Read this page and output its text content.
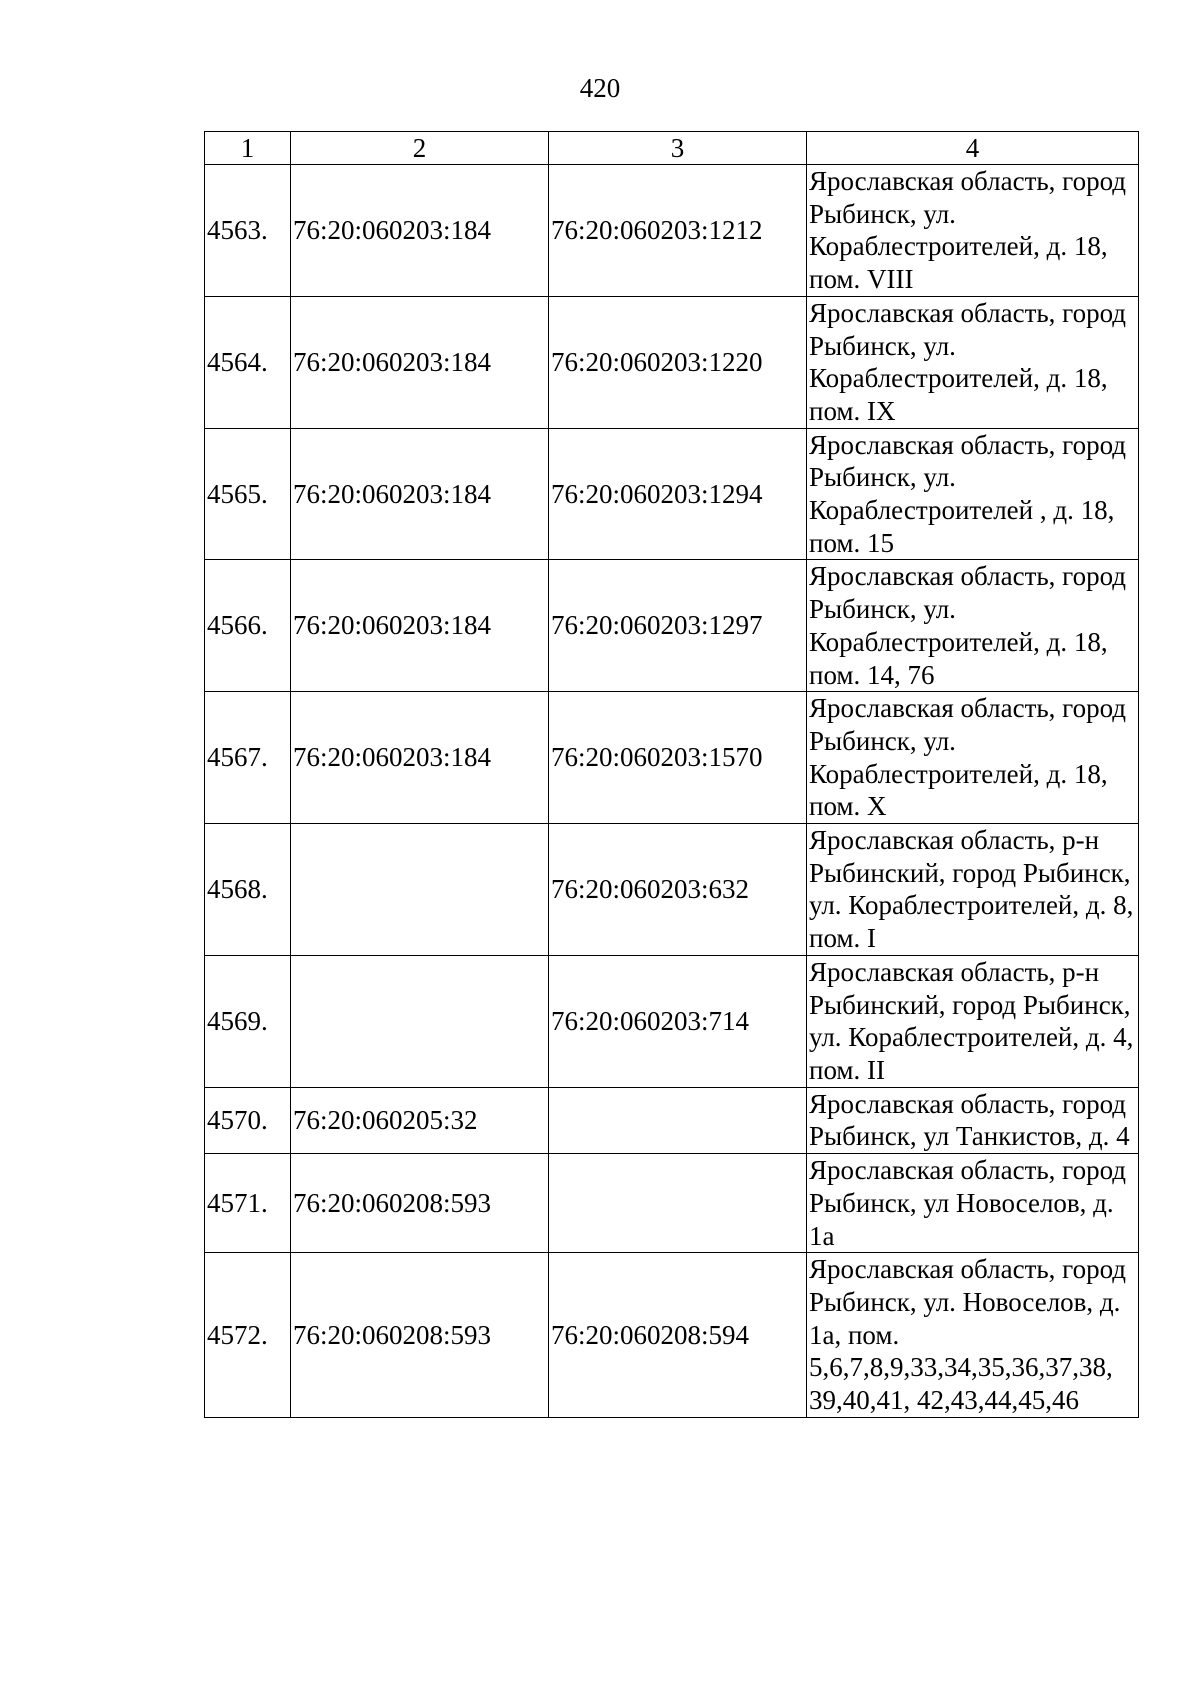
420
1	2	3	4
4563.	76:20:060203:184	76:20:060203:1212	Ярославская область, город Рыбинск, ул. Кораблестроителей, д. 18, пом. VIII
4564.	76:20:060203:184	76:20:060203:1220	Ярославская область, город Рыбинск, ул. Кораблестроителей, д. 18, пом. IX
4565.	76:20:060203:184	76:20:060203:1294	Ярославская область, город Рыбинск, ул. Кораблестроителей , д. 18, пом. 15
4566.	76:20:060203:184	76:20:060203:1297	Ярославская область, город Рыбинск, ул. Кораблестроителей, д. 18, пом. 14, 76
4567.	76:20:060203:184	76:20:060203:1570	Ярославская область, город Рыбинск, ул. Кораблестроителей, д. 18, пом. X
4568.		76:20:060203:632	Ярославская область, р-н Рыбинский, город Рыбинск, ул. Кораблестроителей, д. 8, пом. I
4569.		76:20:060203:714	Ярославская область, р-н Рыбинский, город Рыбинск, ул. Кораблестроителей, д. 4, пом. II
4570.	76:20:060205:32		Ярославская область, город Рыбинск, ул Танкистов, д. 4
4571.	76:20:060208:593		Ярославская область, город Рыбинск, ул Новоселов, д. 1а
4572.	76:20:060208:593	76:20:060208:594	Ярославская область, город Рыбинск, ул. Новоселов, д. 1а, пом. 5,6,7,8,9,33,34,35,36,37,38, 39,40,41, 42,43,44,45,46
